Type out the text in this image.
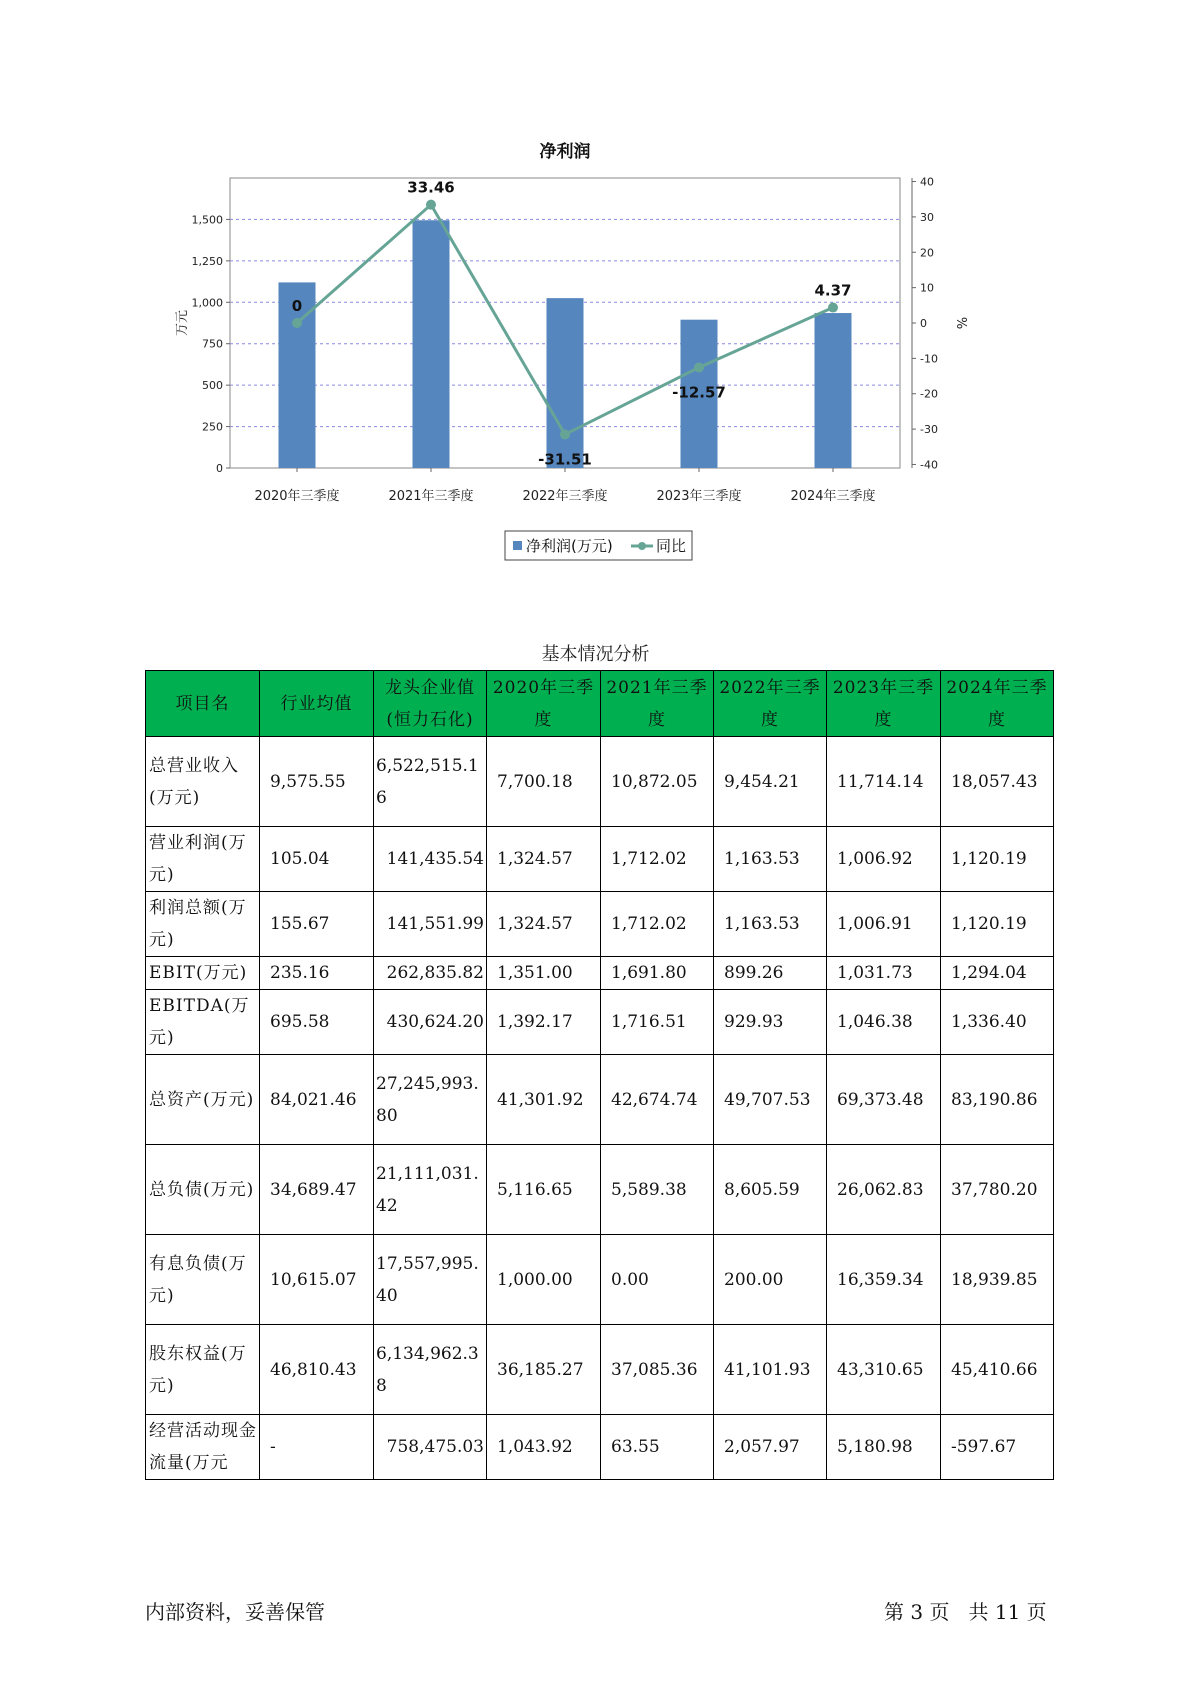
净利润
0
250
500
750
1,000
1,250
1,500
万元
-40
-30
-20
-10
0
10
20
30
40
%
2020年三季度	2021年三季度	2022年三季度	2023年三季度	2024年三季度
0
33.46
-31.51
-12.57
4.37
净利润(万元)	同比
基本情况分析
项目名	行业均值	龙头企业值(恒力石化)	2020年三季度	2021年三季度	2022年三季度	2023年三季度	2024年三季度
总营业收入(万元)	9,575.55	6,522,515.16	7,700.18	10,872.05	9,454.21	11,714.14	18,057.43
营业利润(万元)	105.04	141,435.54	1,324.57	1,712.02	1,163.53	1,006.92	1,120.19
利润总额(万元)	155.67	141,551.99	1,324.57	1,712.02	1,163.53	1,006.91	1,120.19
EBIT(万元)	235.16	262,835.82	1,351.00	1,691.80	899.26	1,031.73	1,294.04
EBITDA(万元)	695.58	430,624.20	1,392.17	1,716.51	929.93	1,046.38	1,336.40
总资产(万元)	84,021.46	27,245,993.80	41,301.92	42,674.74	49,707.53	69,373.48	83,190.86
总负债(万元)	34,689.47	21,111,031.42	5,116.65	5,589.38	8,605.59	26,062.83	37,780.20
有息负债(万元)	10,615.07	17,557,995.40	1,000.00	0.00	200.00	16,359.34	18,939.85
股东权益(万元)	46,810.43	6,134,962.38	36,185.27	37,085.36	41,101.93	43,310.65	45,410.66
经营活动现金流量(万元	-	758,475.03	1,043.92	63.55	2,057.97	5,180.98	-597.67
内部资料，妥善保管	第 3 页   共 11 页
